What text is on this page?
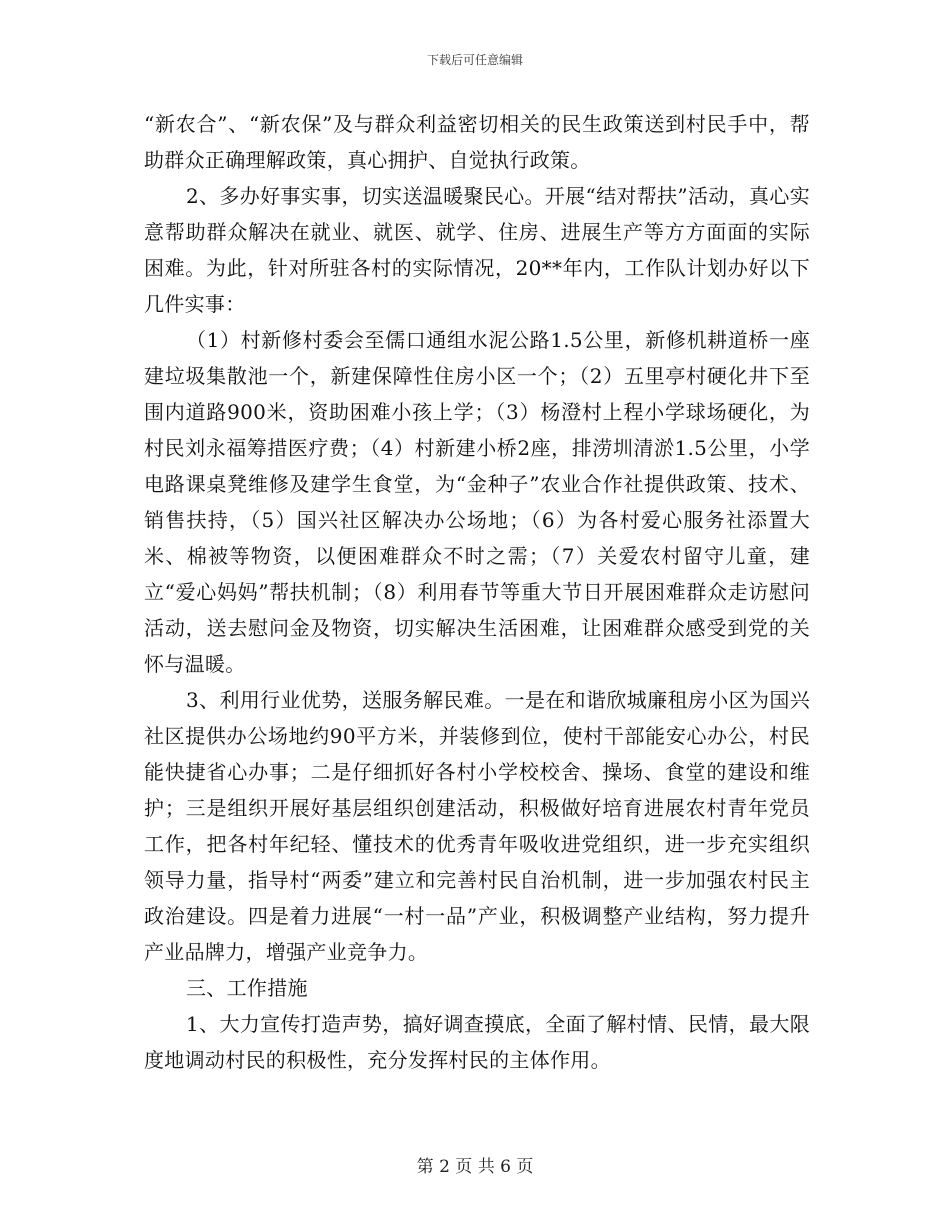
下载后可任意编辑

“新农合”、“新农保”及与群众利益密切相关的民生政策送到村民手中，帮助群众正确理解政策，真心拥护、自觉执行政策。

2、多办好事实事，切实送温暖聚民心。开展“结对帮扶”活动，真心实意帮助群众解决在就业、就医、就学、住房、进展生产等方方面面的实际困难。为此，针对所驻各村的实际情况，20**年内，工作队计划办好以下几件实事：

（1）村新修村委会至儒口通组水泥公路1.5公里，新修机耕道桥一座建垃圾集散池一个，新建保障性住房小区一个；（2）五里亭村硬化井下至围内道路900米，资助困难小孩上学；（3）杨澄村上程小学球场硬化，为村民刘永福筹措医疗费；（4）村新建小桥2座，排涝圳清淤1.5公里，小学电路课桌凳维修及建学生食堂，为“金种子”农业合作社提供政策、技术、销售扶持，（5）国兴社区解决办公场地；（6）为各村爱心服务社添置大米、棉被等物资，以便困难群众不时之需；（7）关爱农村留守儿童，建立“爱心妈妈”帮扶机制；（8）利用春节等重大节日开展困难群众走访慰问活动，送去慰问金及物资，切实解决生活困难，让困难群众感受到党的关怀与温暖。

3、利用行业优势，送服务解民难。一是在和谐欣城廉租房小区为国兴社区提供办公场地约90平方米，并装修到位，使村干部能安心办公，村民能快捷省心办事；二是仔细抓好各村小学校校舍、操场、食堂的建设和维护；三是组织开展好基层组织创建活动，积极做好培育进展农村青年党员工作，把各村年纪轻、懂技术的优秀青年吸收进党组织，进一步充实组织领导力量，指导村“两委”建立和完善村民自治机制，进一步加强农村民主政治建设。四是着力进展“一村一品”产业，积极调整产业结构，努力提升产业品牌力，增强产业竞争力。

三、工作措施

1、大力宣传打造声势，搞好调查摸底，全面了解村情、民情，最大限度地调动村民的积极性，充分发挥村民的主体作用。

第 2 页 共 6 页
